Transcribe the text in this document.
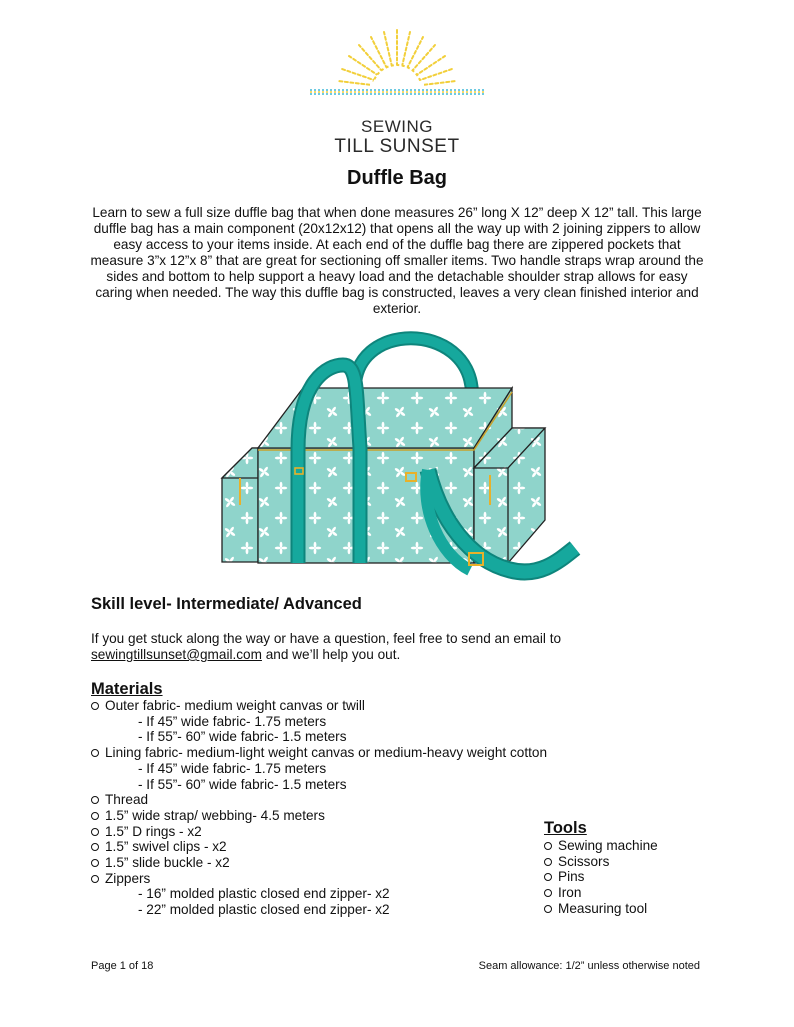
SEWING
TILL SUNSET
Duffle Bag
Learn to sew a full size duffle bag that when done measures 26” long X 12” deep X 12” tall. This large duffle bag has a main component (20x12x12) that opens all the way up with 2 joining zippers to allow easy access to your items inside. At each end of the duffle bag there are zippered pockets that measure 3”x 12”x 8” that are great for sectioning off smaller items. Two handle straps wrap around the sides and bottom to help support a heavy load and the detachable shoulder strap allows for easy caring when needed. The way this duffle bag is constructed, leaves a very clean finished interior and exterior.
Skill level- Intermediate/ Advanced
If you get stuck along the way or have a question, feel free to send an email to
sewingtillsunset@gmail.com and we’ll help you out.
Materials
Outer fabric- medium weight canvas or twill
- If 45” wide fabric- 1.75 meters
- If 55”- 60” wide fabric- 1.5 meters
Lining fabric- medium-light weight canvas or medium-heavy weight cotton
- If 45” wide fabric- 1.75 meters
- If 55”- 60” wide fabric- 1.5 meters
Thread
1.5” wide strap/ webbing- 4.5 meters
1.5” D rings - x2
1.5” swivel clips - x2
1.5” slide buckle - x2
Zippers
- 16” molded plastic closed end zipper- x2
- 22” molded plastic closed end zipper- x2
Tools
Sewing machine
Scissors
Pins
Iron
Measuring tool
Page 1 of 18	Seam allowance: 1/2” unless otherwise noted
